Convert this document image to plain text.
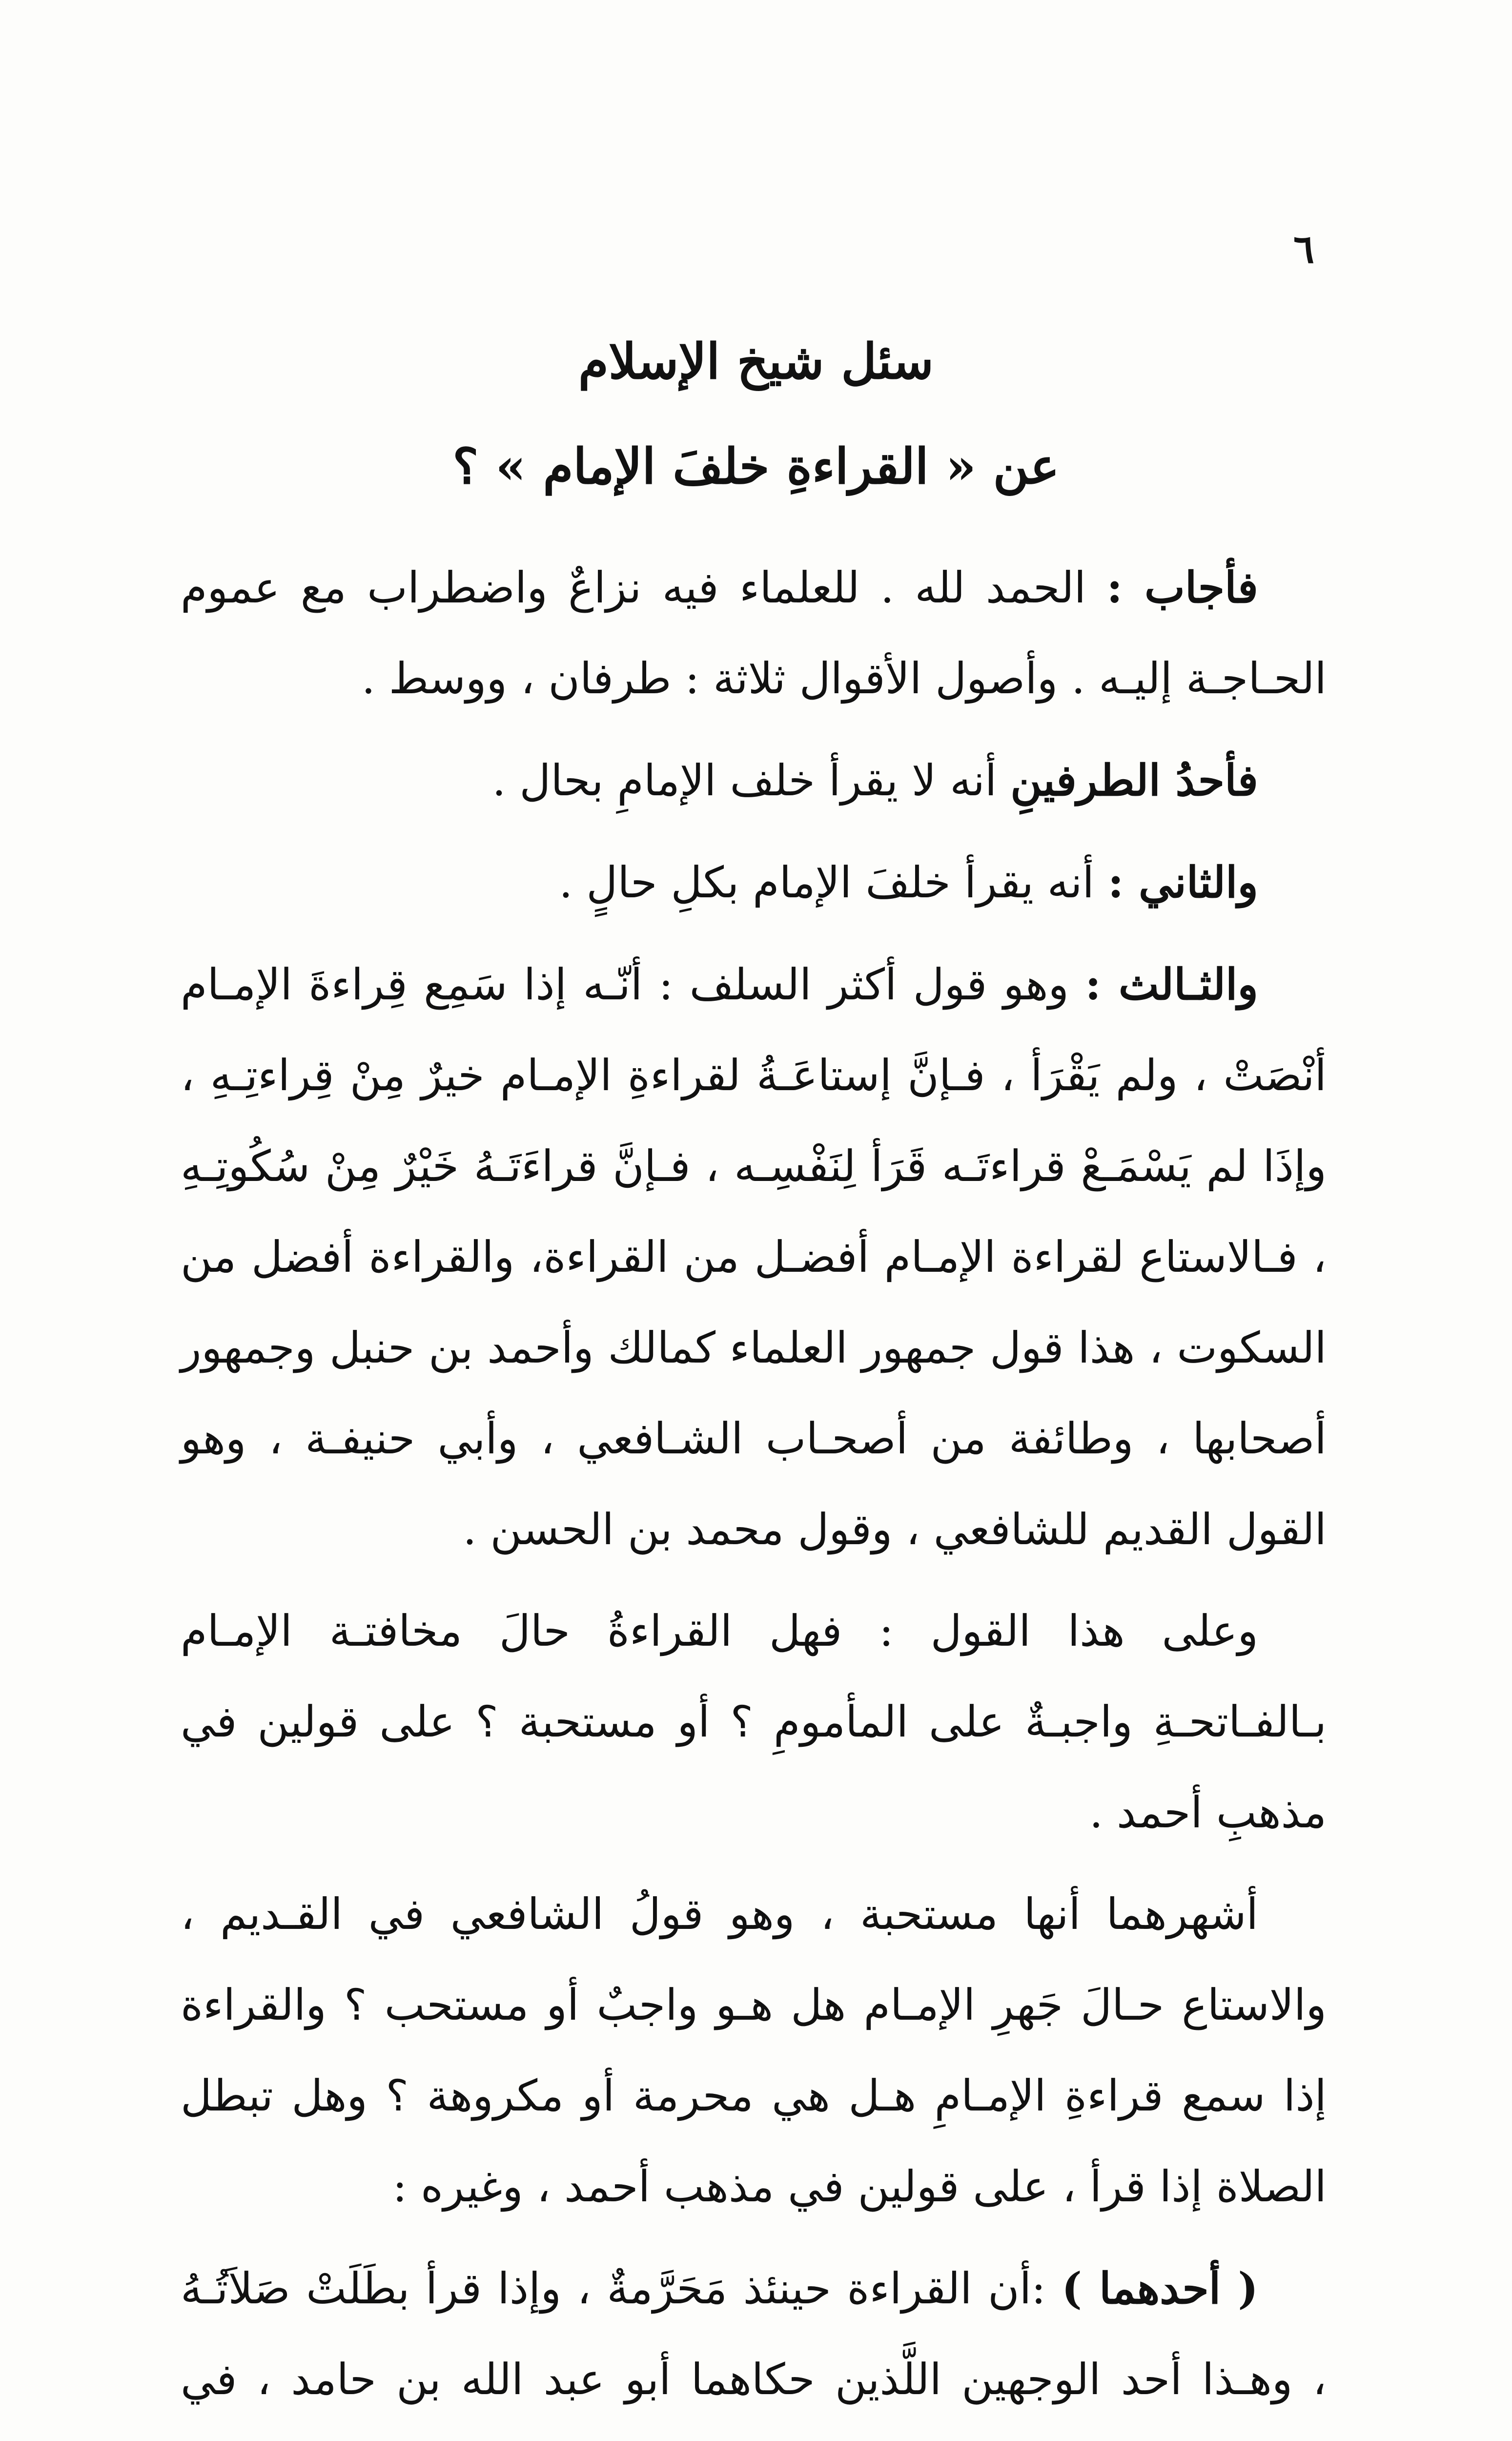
٦
سئل شيخ الإسلام
عن « القراءةِ خلفَ الإمام » ؟

فأجاب : الحمد لله . للعلماء فيه نزاعٌ واضطراب مع عموم الحـاجـة إليـه . وأصول الأقوال ثلاثة : طرفان ، ووسط .

فأحدُ الطرفينِ أنه لا يقرأ خلف الإمامِ بحال .

والثاني : أنه يقرأ خلفَ الإمام بكلِ حالٍ .

والثـالث : وهو قول أكثر السلف : أنّـه إذا سَمِع قِراءةَ الإمـام أنْصَتْ ، ولم يَقْرَأ ، فـإنَّ إستاعَـةُ لقراءةِ الإمـام خيرٌ مِنْ قِراءتِـهِ ، وإذَا لم يَسْمَـعْ قراءتَـه قَرَأ لِنَفْسِـه ، فـإنَّ قراءَتَـهُ خَيْرٌ مِنْ سُكُوتِـهِ ، فـالاستاع لقراءة الإمـام أفضـل من القراءة، والقراءة أفضل من السكوت ، هذا قول جمهور العلماء كمالك وأحمد بن حنبل وجمهور أصحابها ، وطائفة من أصحـاب الشـافعي ، وأبي حنيفـة ، وهو القول القديم للشافعي ، وقول محمد بن الحسن .

وعلى هذا القول : فهل القراءةُ حالَ مخافتـة الإمـام بـالفـاتحـةِ واجبـةٌ على المأمومِ ؟ أو مستحبة ؟ على قولين في مذهبِ أحمد .

أشهرهما أنها مستحبة ، وهو قولُ الشافعي في القـديم ، والاستاع حـالَ جَهرِ الإمـام هل هـو واجبٌ أو مستحب ؟ والقراءة إذا سمع قراءةِ الإمـامِ هـل هي محرمة أو مكروهة ؟ وهل تبطل الصلاة إذا قرأ ، على قولين في مذهب أحمد ، وغيره :

( أحدهما ) :أن القراءة حينئذ مَحَرَّمةٌ ، وإذا قرأ بطَلَتْ صَلاَتُـهُ ، وهـذا أحد الوجهين اللَّذين حكاهما أبو عبد الله بن حامد ، في
